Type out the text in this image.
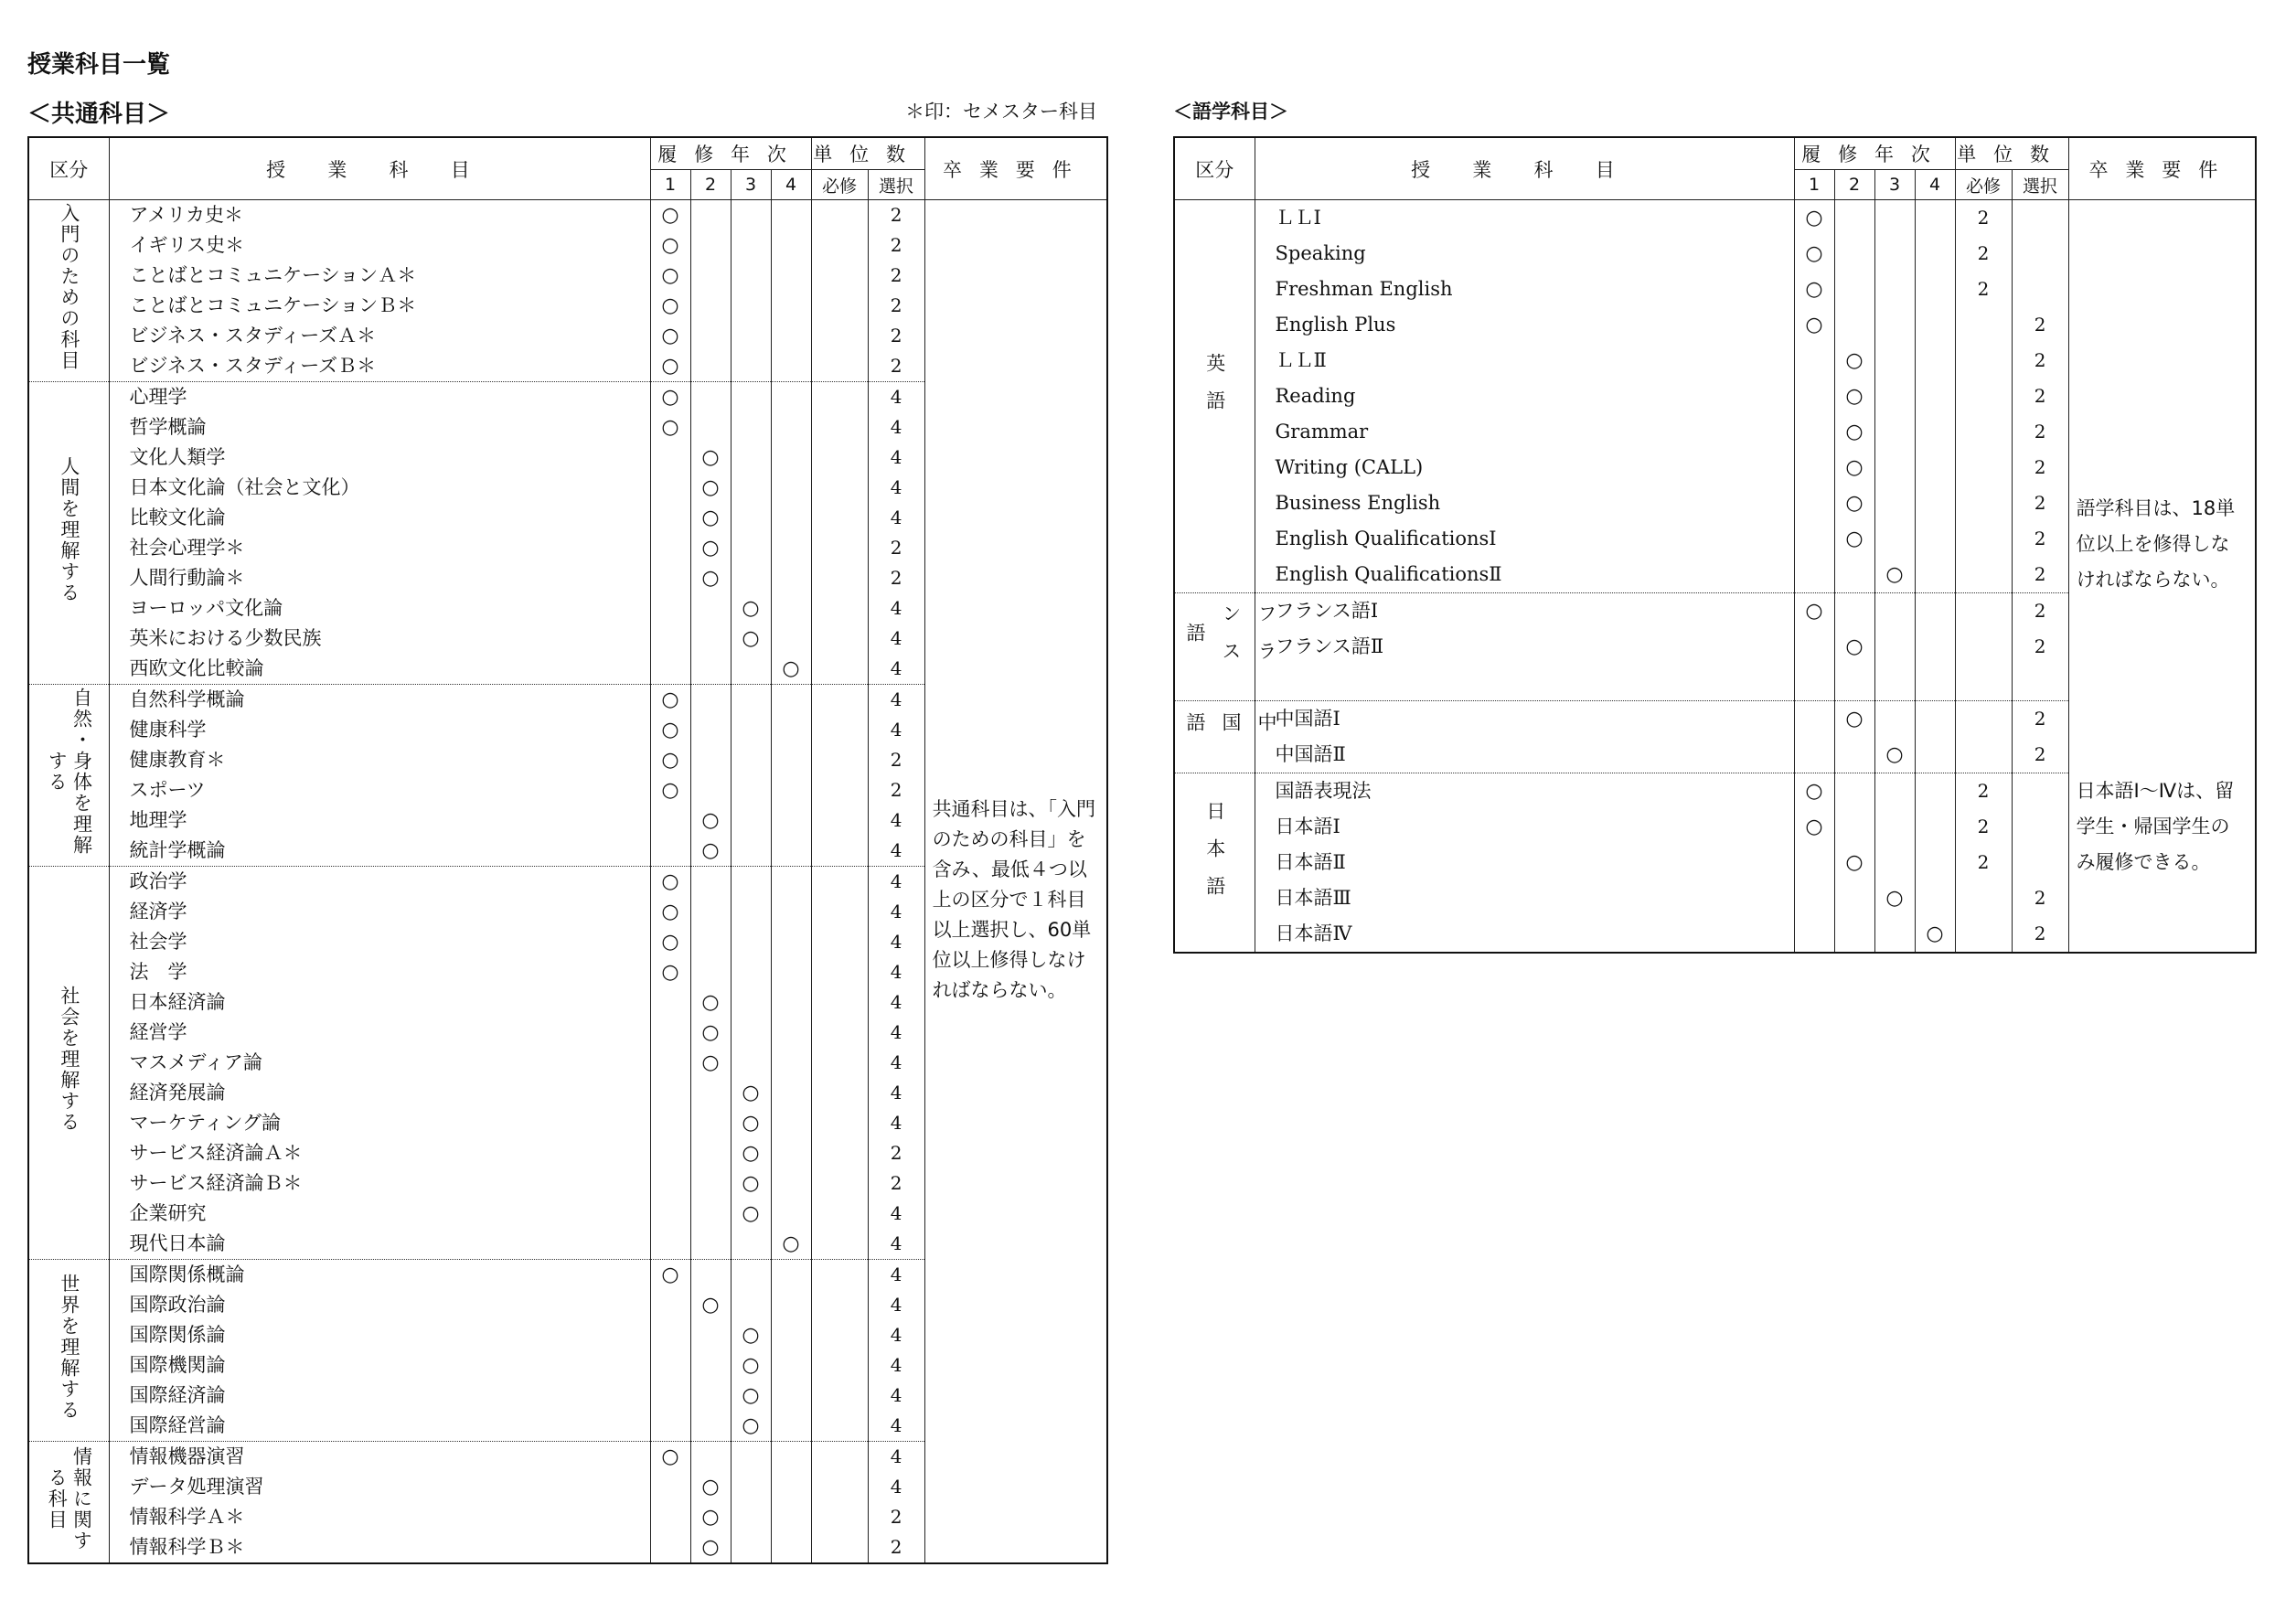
授業科目一覧
＜共通科目＞	＊印：セメスター科目	＜語学科目＞
区分	授業科目	履修年次				単位数		卒業要件
		1	2	3	4	必修	選択	
入門のための科目	アメリカ史＊	○					2	共通科目は、「入門のための科目」を含み、最低４つ以上の区分で１科目以上選択し、60単位以上修得しなければならない。

	イギリス史＊	○					2	
	ことばとコミュニケーションＡ＊	○					2	
	ことばとコミュニケーションＢ＊	○					2	
	ビジネス・スタディーズＡ＊	○					2	
	ビジネス・スタディーズＢ＊	○					2	
人間を理解する	心理学	○					4	
	哲学概論	○					4	
	文化人類学		○				4	
	日本文化論（社会と文化）		○				4	
	比較文化論		○				4	
	社会心理学＊		○				2	
	人間行動論＊		○				2	
	ヨーロッパ文化論			○			4	
	英米における少数民族			○			4	
	西欧文化比較論				○		4	
自然・身体を理解する	自然科学概論	○					4	
	健康科学	○					4	
	健康教育＊	○					2	
	スポーツ	○					2	
	地理学		○				4	
	統計学概論		○				4	
社会を理解する	政治学	○					4	
	経済学	○					4	
	社会学	○					4	
	法　学	○					4	
	日本経済論		○				4	
	経営学		○				4	
	マスメディア論		○				4	
	経済発展論			○			4	
	マーケティング論			○			4	
	サービス経済論Ａ＊			○			2	
	サービス経済論Ｂ＊			○			2	
	企業研究			○			4	
	現代日本論				○		4	
世界を理解する	国際関係概論	○					4	
	国際政治論		○				4	
	国際関係論			○			4	
	国際機関論			○			4	
	国際経済論			○			4	
	国際経営論			○			4	
情報に関する科目	情報機器演習	○					4	
	データ処理演習		○				4	
	情報科学Ａ＊		○				2	
	情報科学Ｂ＊		○				2	
区分	授業科目	履修年次				単位数		卒業要件
		1	2	3	4	必修	選択	
英語	ＬＬⅠ	○				2		語学科目は、18単位以上を修得しなければならない。

	Speaking	○				2		
	Freshman English	○				2		
	English Plus	○					2	
	ＬＬⅡ		○				2	
	Reading		○				2	
	Grammar		○				2	
	Writing (CALL)		○				2	
	Business English		○				2	
	English QualificationsⅠ		○				2	
	English QualificationsⅡ			○			2	
フランス語	フランス語Ⅰ	○					2	
	フランス語Ⅱ		○				2	

中国語	中国語Ⅰ		○				2	
	中国語Ⅱ			○			2	
日本語	国語表現法	○				2		日本語Ⅰ～Ⅳは、留学生・帰国学生のみ履修できる。

	日本語Ⅰ	○				2		
	日本語Ⅱ		○			2		
	日本語Ⅲ			○			2	
	日本語Ⅳ				○		2	
